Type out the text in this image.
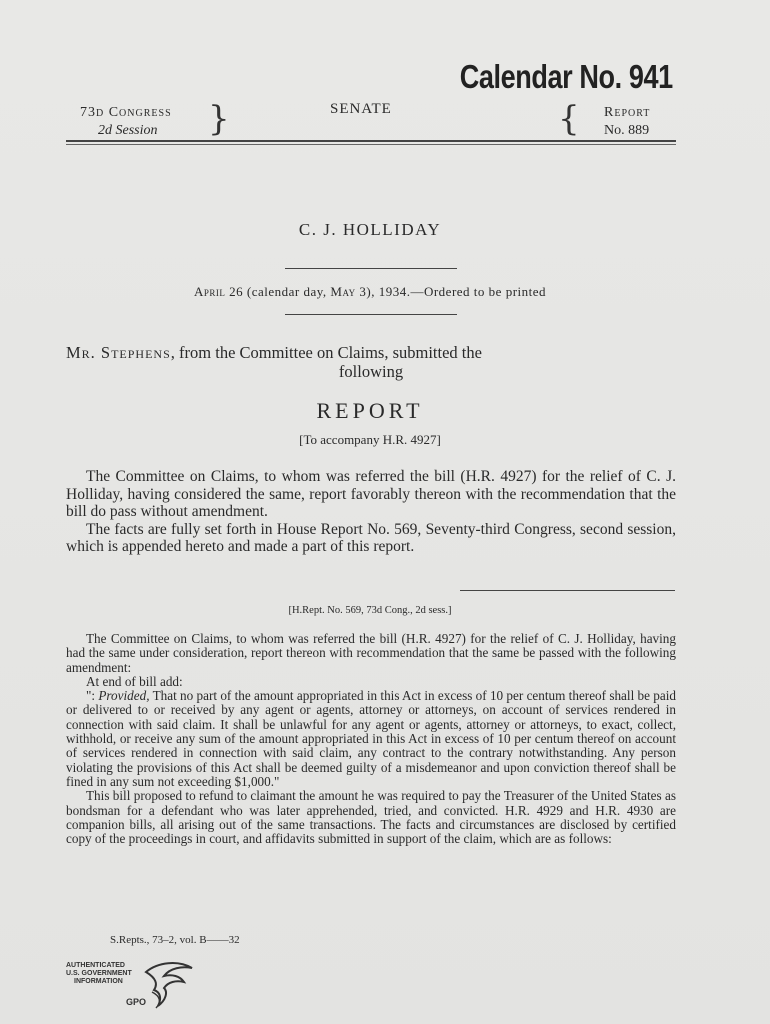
Calendar No. 941
73d Congress
2d Session	}	SENATE	{ Report
No. 889
C. J. HOLLIDAY
April 26 (calendar day, May 3), 1934.—Ordered to be printed
Mr. Stephens, from the Committee on Claims, submitted the
following
REPORT
[To accompany H.R. 4927]

The Committee on Claims, to whom was referred the bill (H.R. 4927) for the relief of C. J. Holliday, having considered the same, report favorably thereon with the recommendation that the bill do pass without amendment.

The facts are fully set forth in House Report No. 569, Seventy-third Congress, second session, which is appended hereto and made a part of this report.

[H.Rept. No. 569, 73d Cong., 2d sess.]

The Committee on Claims, to whom was referred the bill (H.R. 4927) for the relief of C. J. Holliday, having had the same under consideration, report thereon with recommendation that the same be passed with the following amendment:

At end of bill add:

": Provided, That no part of the amount appropriated in this Act in excess of 10 per centum thereof shall be paid or delivered to or received by any agent or agents, attorney or attorneys, on account of services rendered in connection with said claim. It shall be unlawful for any agent or agents, attorney or attorneys, to exact, collect, withhold, or receive any sum of the amount appropriated in this Act in excess of 10 per centum thereof on account of services rendered in connection with said claim, any contract to the contrary notwithstanding. Any person violating the provisions of this Act shall be deemed guilty of a misdemeanor and upon conviction thereof shall be fined in any sum not exceeding $1,000."

This bill proposed to refund to claimant the amount he was required to pay the Treasurer of the United States as bondsman for a defendant who was later apprehended, tried, and convicted. H.R. 4929 and H.R. 4930 are companion bills, all arising out of the same transactions. The facts and circumstances are disclosed by certified copy of the proceedings in court, and affidavits submitted in support of the claim, which are as follows:

S.Repts., 73–2, vol. B——32
AUTHENTICATED
U.S. GOVERNMENT
INFORMATION
GPO
